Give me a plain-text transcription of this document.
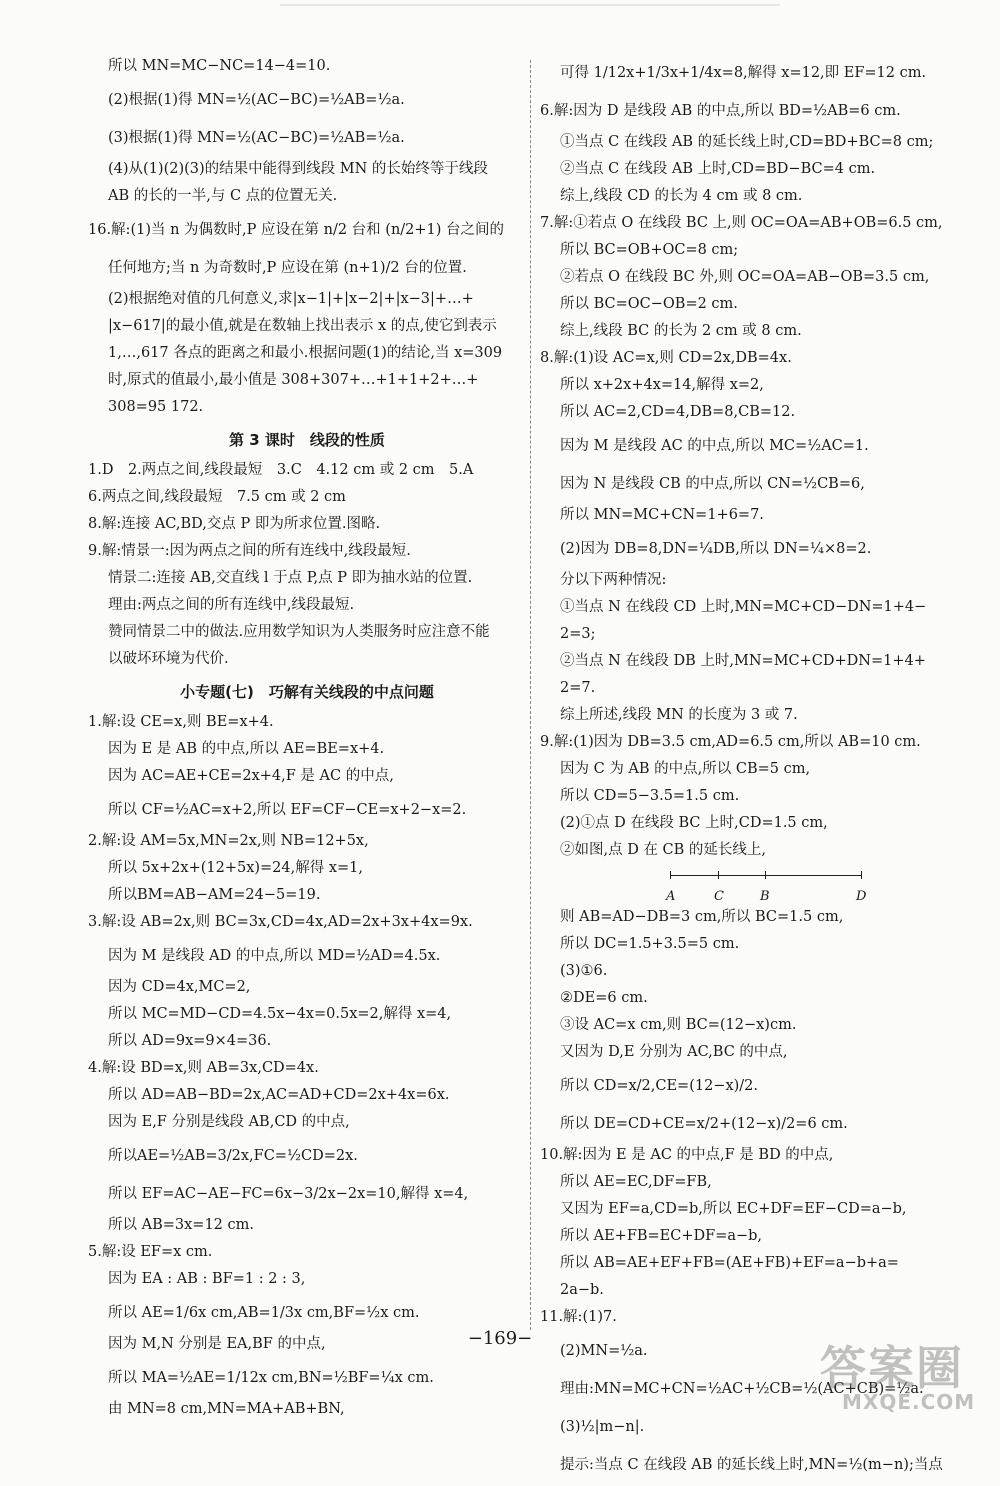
所以 MN=MC−NC=14−4=10.
(2)根据(1)得 MN=½(AC−BC)=½AB=½a.
(3)根据(1)得 MN=½(AC−BC)=½AB=½a.
(4)从(1)(2)(3)的结果中能得到线段 MN 的长始终等于线段
AB 的长的一半,与 C 点的位置无关.
16.解:(1)当 n 为偶数时,P 应设在第 n/2 台和 (n/2+1) 台之间的
任何地方;当 n 为奇数时,P 应设在第 (n+1)/2 台的位置.
(2)根据绝对值的几何意义,求|x−1|+|x−2|+|x−3|+…+
|x−617|的最小值,就是在数轴上找出表示 x 的点,使它到表示
1,…,617 各点的距离之和最小.根据问题(1)的结论,当 x=309
时,原式的值最小,最小值是 308+307+…+1+1+2+…+
308=95 172.
第 3 课时　线段的性质
1.D　2.两点之间,线段最短　3.C　4.12 cm 或 2 cm　5.A
6.两点之间,线段最短　7.5 cm 或 2 cm
8.解:连接 AC,BD,交点 P 即为所求位置.图略.
9.解:情景一:因为两点之间的所有连线中,线段最短.
情景二:连接 AB,交直线 l 于点 P,点 P 即为抽水站的位置.
理由:两点之间的所有连线中,线段最短.
赞同情景二中的做法.应用数学知识为人类服务时应注意不能
以破坏环境为代价.
小专题(七)　巧解有关线段的中点问题
1.解:设 CE=x,则 BE=x+4.
因为 E 是 AB 的中点,所以 AE=BE=x+4.
因为 AC=AE+CE=2x+4,F 是 AC 的中点,
所以 CF=½AC=x+2,所以 EF=CF−CE=x+2−x=2.
2.解:设 AM=5x,MN=2x,则 NB=12+5x,
所以 5x+2x+(12+5x)=24,解得 x=1,
所以BM=AB−AM=24−5=19.
3.解:设 AB=2x,则 BC=3x,CD=4x,AD=2x+3x+4x=9x.
因为 M 是线段 AD 的中点,所以 MD=½AD=4.5x.
因为 CD=4x,MC=2,
所以 MC=MD−CD=4.5x−4x=0.5x=2,解得 x=4,
所以 AD=9x=9×4=36.
4.解:设 BD=x,则 AB=3x,CD=4x.
所以 AD=AB−BD=2x,AC=AD+CD=2x+4x=6x.
因为 E,F 分别是线段 AB,CD 的中点,
所以AE=½AB=3/2x,FC=½CD=2x.
所以 EF=AC−AE−FC=6x−3/2x−2x=10,解得 x=4,
所以 AB=3x=12 cm.
5.解:设 EF=x cm.
因为 EA : AB : BF=1 : 2 : 3,
所以 AE=1/6x cm,AB=1/3x cm,BF=½x cm.
因为 M,N 分别是 EA,BF 的中点,
所以 MA=½AE=1/12x cm,BN=½BF=¼x cm.
由 MN=8 cm,MN=MA+AB+BN,
可得 1/12x+1/3x+1/4x=8,解得 x=12,即 EF=12 cm.
6.解:因为 D 是线段 AB 的中点,所以 BD=½AB=6 cm.
①当点 C 在线段 AB 的延长线上时,CD=BD+BC=8 cm;
②当点 C 在线段 AB 上时,CD=BD−BC=4 cm.
综上,线段 CD 的长为 4 cm 或 8 cm.
7.解:①若点 O 在线段 BC 上,则 OC=OA=AB+OB=6.5 cm,
所以 BC=OB+OC=8 cm;
②若点 O 在线段 BC 外,则 OC=OA=AB−OB=3.5 cm,
所以 BC=OC−OB=2 cm.
综上,线段 BC 的长为 2 cm 或 8 cm.
8.解:(1)设 AC=x,则 CD=2x,DB=4x.
所以 x+2x+4x=14,解得 x=2,
所以 AC=2,CD=4,DB=8,CB=12.
因为 M 是线段 AC 的中点,所以 MC=½AC=1.
因为 N 是线段 CB 的中点,所以 CN=½CB=6,
所以 MN=MC+CN=1+6=7.
(2)因为 DB=8,DN=¼DB,所以 DN=¼×8=2.
分以下两种情况:
①当点 N 在线段 CD 上时,MN=MC+CD−DN=1+4−
2=3;
②当点 N 在线段 DB 上时,MN=MC+CD+DN=1+4+
2=7.
综上所述,线段 MN 的长度为 3 或 7.
9.解:(1)因为 DB=3.5 cm,AD=6.5 cm,所以 AB=10 cm.
因为 C 为 AB 的中点,所以 CB=5 cm,
所以 CD=5−3.5=1.5 cm.
(2)①点 D 在线段 BC 上时,CD=1.5 cm,
②如图,点 D 在 CB 的延长线上,
A	C	B	D
则 AB=AD−DB=3 cm,所以 BC=1.5 cm,
所以 DC=1.5+3.5=5 cm.
(3)①6.
②DE=6 cm.
③设 AC=x cm,则 BC=(12−x)cm.
又因为 D,E 分别为 AC,BC 的中点,
所以 CD=x/2,CE=(12−x)/2.
所以 DE=CD+CE=x/2+(12−x)/2=6 cm.
10.解:因为 E 是 AC 的中点,F 是 BD 的中点,
所以 AE=EC,DF=FB,
又因为 EF=a,CD=b,所以 EC+DF=EF−CD=a−b,
所以 AE+FB=EC+DF=a−b,
所以 AB=AE+EF+FB=(AE+FB)+EF=a−b+a=
2a−b.
11.解:(1)7.
(2)MN=½a.
理由:MN=MC+CN=½AC+½CB=½(AC+CB)=½a.
(3)½|m−n|.
提示:当点 C 在线段 AB 的延长线上时,MN=½(m−n);当点
−169−
答案圈
MXQE.COM
